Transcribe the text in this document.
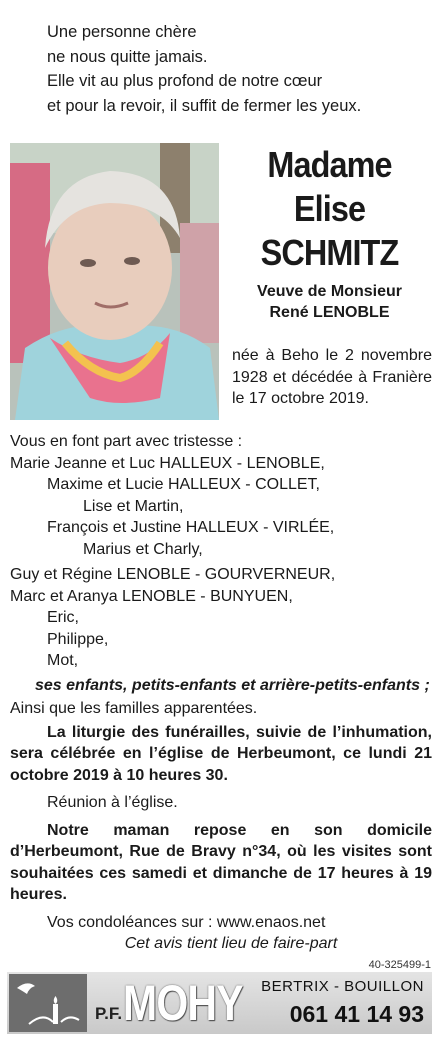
Une personne chère
ne nous quitte jamais.
Elle vit au plus profond de notre cœur
et pour la revoir, il suffit de fermer les yeux.
Madame
Elise
SCHMITZ
Veuve de Monsieur
René LENOBLE
née à Beho le 2 novembre 1928 et décédée à Franière le 17 octobre 2019.
Vous en font part avec tristesse :
Marie Jeanne et Luc HALLEUX - LENOBLE,
Maxime et Lucie HALLEUX - COLLET,
Lise et Martin,
François et Justine HALLEUX - VIRLÉE,
Marius et Charly,
Guy et Régine LENOBLE - GOURVERNEUR,
Marc et Aranya LENOBLE - BUNYUEN,
Eric,
Philippe,
Mot,
ses enfants, petits-enfants et arrière-petits-enfants ;
Ainsi que les familles apparentées.
La liturgie des funérailles, suivie de l’inhumation, sera célébrée en l’église de Herbeumont, ce lundi 21 octobre 2019 à 10 heures 30.
Réunion à l’église.
Notre maman repose en son domicile d’Herbeumont, Rue de Bravy n°34, où les visites sont souhaitées ces samedi et dimanche de 17 heures à 19 heures.
Vos condoléances sur : www.enaos.net
Cet avis tient lieu de faire-part
40-325499-1
P.F. MOHY BERTRIX - BOUILLON
061 41 14 93
